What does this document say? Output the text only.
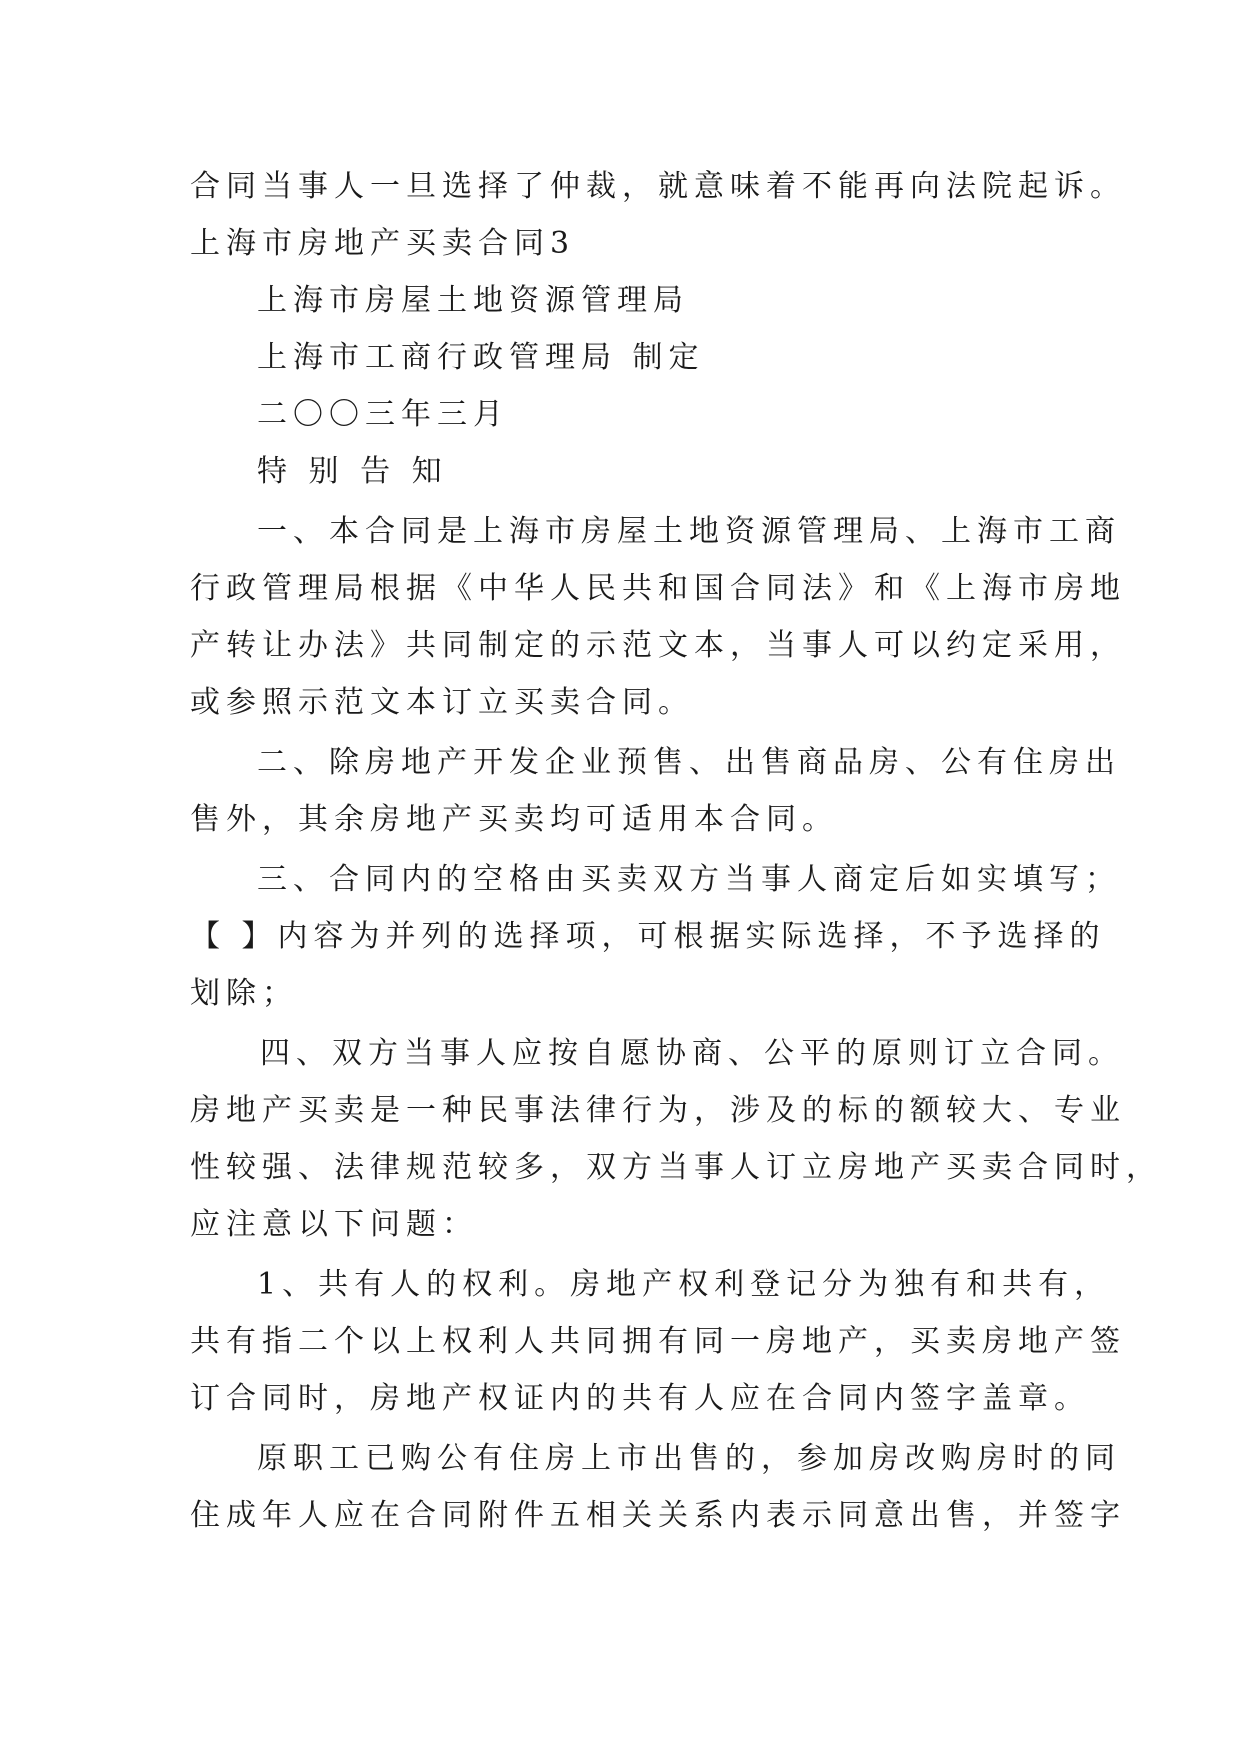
合同当事人一旦选择了仲裁，就意味着不能再向法院起诉。

上海市房地产买卖合同3

上海市房屋土地资源管理局

上海市工商行政管理局 制定

二〇〇三年三月

特 别 告 知

一、本合同是上海市房屋土地资源管理局、上海市工商

行政管理局根据《中华人民共和国合同法》和《上海市房地

产转让办法》共同制定的示范文本，当事人可以约定采用，

或参照示范文本订立买卖合同。

二、除房地产开发企业预售、出售商品房、公有住房出

售外，其余房地产买卖均可适用本合同。

三、合同内的空格由买卖双方当事人商定后如实填写；

【 】内容为并列的选择项，可根据实际选择，不予选择的

划除；

四、双方当事人应按自愿协商、公平的原则订立合同。

房地产买卖是一种民事法律行为，涉及的标的额较大、专业

性较强、法律规范较多，双方当事人订立房地产买卖合同时，

应注意以下问题：

1、共有人的权利。房地产权利登记分为独有和共有，

共有指二个以上权利人共同拥有同一房地产，买卖房地产签

订合同时，房地产权证内的共有人应在合同内签字盖章。

原职工已购公有住房上市出售的，参加房改购房时的同

住成年人应在合同附件五相关关系内表示同意出售，并签字
